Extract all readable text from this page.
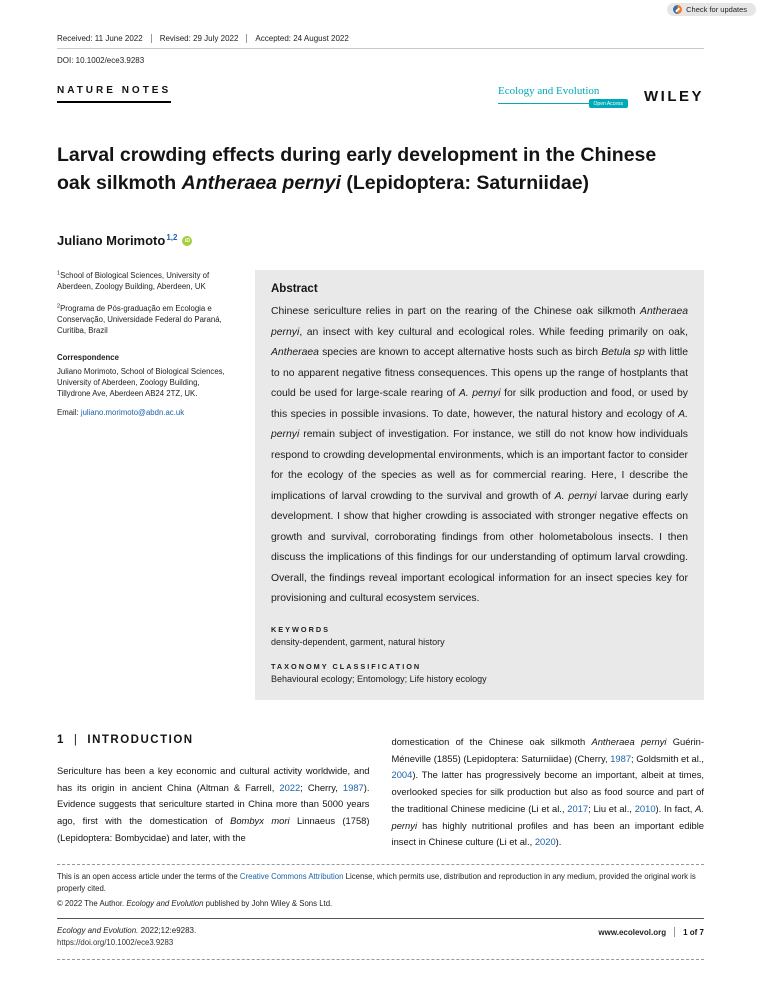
Check for updates
Received: 11 June 2022 Revised: 29 July 2022 Accepted: 24 August 2022
DOI: 10.1002/ece3.9283
NATURE NOTES	Ecology and Evolution
Open Access	WILEY
Larval crowding effects during early development in the Chinese oak silkmoth Antheraea pernyi (Lepidoptera: Saturniidae)
Juliano Morimoto$^{1,2}$	iD

$^1$School of Biological Sciences, University of Aberdeen, Zoology Building, Aberdeen, UK

$^2$Programa de Pós-graduação em Ecologia e Conservação, Universidade Federal do Paraná, Curitiba, Brazil

Correspondence

Juliano Morimoto, School of Biological Sciences, University of Aberdeen, Zoology Building, Tillydrone Ave, Aberdeen AB24 2TZ, UK.

Email: juliano.morimoto@abdn.ac.uk

Abstract

Chinese sericulture relies in part on the rearing of the Chinese oak silkmoth Antheraea pernyi, an insect with key cultural and ecological roles. While feeding primarily on oak, Antheraea species are known to accept alternative hosts such as birch Betula sp with little to no apparent negative fitness consequences. This opens up the range of hostplants that could be used for large-scale rearing of A. pernyi for silk production and food, or used by this species in possible invasions. To date, however, the natural history and ecology of A. pernyi remain subject of investigation. For instance, we still do not know how individuals respond to crowding developmental environments, which is an important factor to consider for the ecology of the species as well as for commercial rearing. Here, I describe the implications of larval crowding to the survival and growth of A. pernyi larvae during early development. I show that higher crowding is associated with stronger negative effects on growth and survival, corroborating findings from other holometabolous insects. I then discuss the implications of this findings for our understanding of optimum larval crowding. Overall, the findings reveal important ecological information for an insect species key for provisioning and cultural ecosystem services.

KEYWORDS

density-dependent, garment, natural history

TAXONOMY CLASSIFICATION

Behavioural ecology; Entomology; Life history ecology

1 | INTRODUCTION

Sericulture has been a key economic and cultural activity worldwide, and has its origin in ancient China (Altman & Farrell, 2022; Cherry, 1987). Evidence suggests that sericulture started in China more than 5000 years ago, first with the domestication of Bombyx mori Linnaeus (1758) (Lepidoptera: Bombycidae) and later, with the

domestication of the Chinese oak silkmoth Antheraea pernyi Guérin-Méneville (1855) (Lepidoptera: Saturniidae) (Cherry, 1987; Goldsmith et al., 2004). The latter has progressively become an important, albeit at times, overlooked species for silk production but also as food source and part of the traditional Chinese medicine (Li et al., 2017; Liu et al., 2010). In fact, A. pernyi has highly nutritional profiles and has been an important edible insect in Chinese culture (Li et al., 2020).

This is an open access article under the terms of the Creative Commons Attribution License, which permits use, distribution and reproduction in any medium, provided the original work is properly cited.

© 2022 The Author. Ecology and Evolution published by John Wiley & Sons Ltd.

Ecology and Evolution. 2022;12:e9283.
https://doi.org/10.1002/ece3.9283
www.ecolevol.org 1 of 7
